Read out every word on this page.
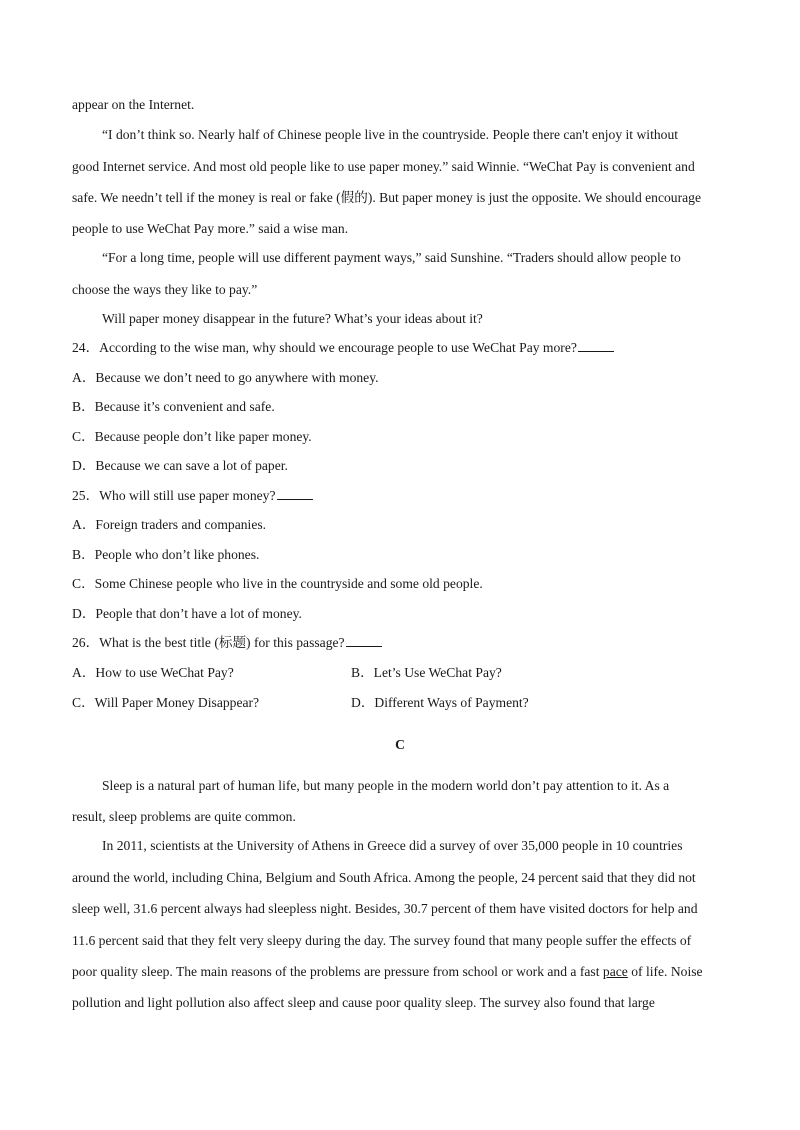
appear on the Internet.
“I don’t think so. Nearly half of Chinese people live in the countryside. People there can't enjoy it without
good Internet service. And most old people like to use paper money.” said Winnie. “WeChat Pay is convenient and
safe. We needn’t tell if the money is real or fake (假的). But paper money is just the opposite. We should encourage
people to use WeChat Pay more.” said a wise man.
“For a long time, people will use different payment ways,” said Sunshine. “Traders should allow people to
choose the ways they like to pay.”
Will paper money disappear in the future? What’s your ideas about it?
24．According to the wise man, why should we encourage people to use WeChat Pay more?
A．Because we don’t need to go anywhere with money.
B．Because it’s convenient and safe.
C．Because people don’t like paper money.
D．Because we can save a lot of paper.
25．Who will still use paper money?
A．Foreign traders and companies.
B．People who don’t like phones.
C．Some Chinese people who live in the countryside and some old people.
D．People that don’t have a lot of money.
26．What is the best title (标题) for this passage?
A．How to use WeChat Pay?	B．Let’s Use WeChat Pay?
C．Will Paper Money Disappear?	D．Different Ways of Payment?
C
Sleep is a natural part of human life, but many people in the modern world don’t pay attention to it. As a
result, sleep problems are quite common.
In 2011, scientists at the University of Athens in Greece did a survey of over 35,000 people in 10 countries
around the world, including China, Belgium and South Africa. Among the people, 24 percent said that they did not
sleep well, 31.6 percent always had sleepless night. Besides, 30.7 percent of them have visited doctors for help and
11.6 percent said that they felt very sleepy during the day. The survey found that many people suffer the effects of
poor quality sleep. The main reasons of the problems are pressure from school or work and a fast pace of life. Noise
pollution and light pollution also affect sleep and cause poor quality sleep. The survey also found that large
